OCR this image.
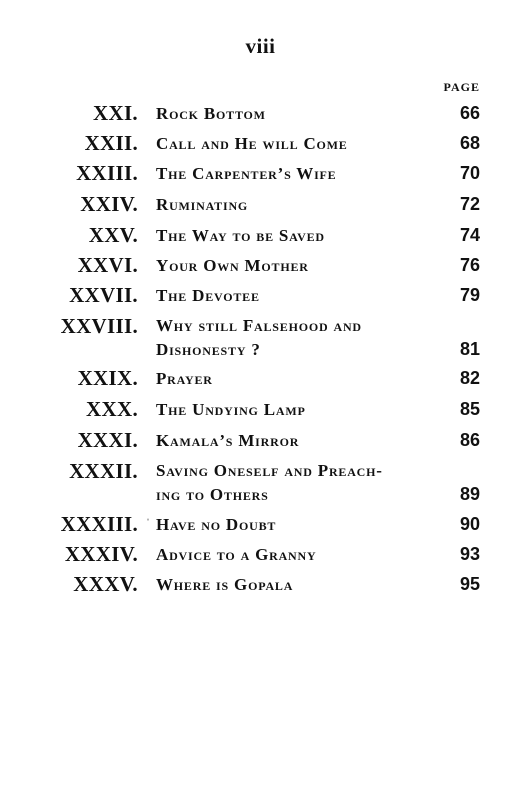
viii
PAGE
XXI. Rock Bottom	66
XXII. Call and He will Come	68
XXIII. The Carpenter’s Wife	70
XXIV. Ruminating	72
XXV. The Way to be Saved	74
XXVI. Your Own Mother	76
XXVII. The Devotee	79
XXVIII. Why still Falsehood and
Dishonesty ?	81
XXIX. Prayer	82
XXX. The Undying Lamp	85
XXXI. Kamala’s Mirror	86
XXXII. Saving Oneself and Preach-
ing to Others	89
ˈ
XXXIII. Have no Doubt	90
XXXIV. Advice to a Granny	93
XXXV. Where is Gopala	95
